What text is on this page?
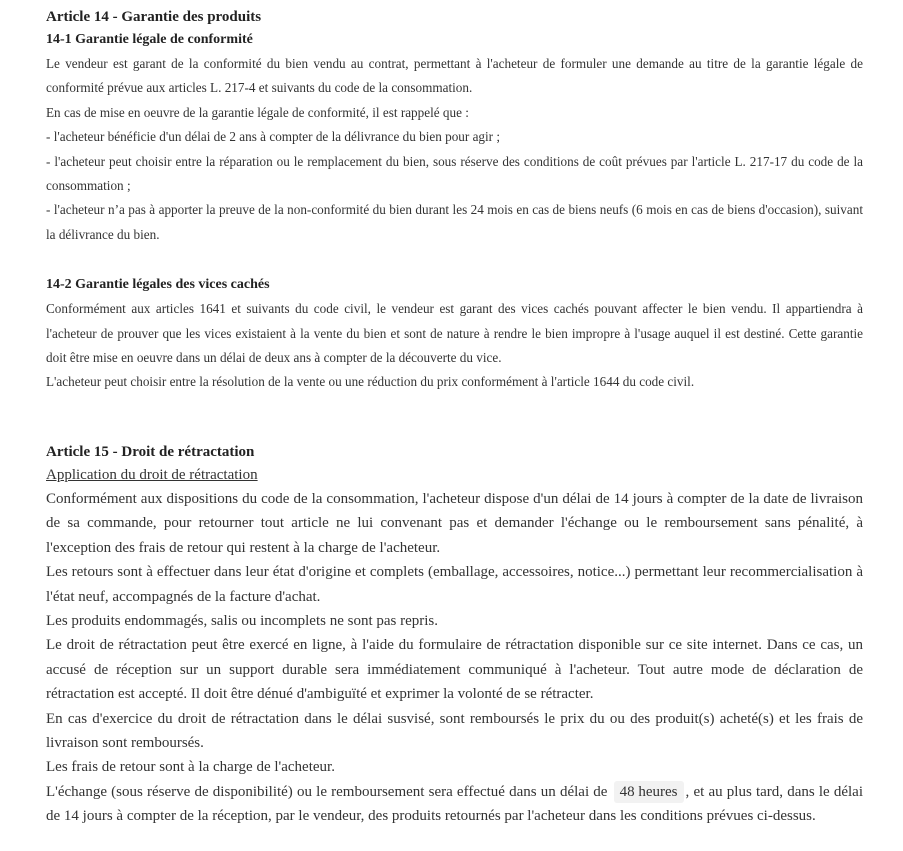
Article 14 - Garantie des produits
14-1 Garantie légale de conformité

Le vendeur est garant de la conformité du bien vendu au contrat, permettant à l'acheteur de formuler une demande au titre de la garantie légale de conformité prévue aux articles L. 217-4 et suivants du code de la consommation.

En cas de mise en oeuvre de la garantie légale de conformité, il est rappelé que :

- l'acheteur bénéficie d'un délai de 2 ans à compter de la délivrance du bien pour agir ;

- l'acheteur peut choisir entre la réparation ou le remplacement du bien, sous réserve des conditions de coût prévues par l'article L. 217-17 du code de la consommation ;

- l'acheteur n’a pas à apporter la preuve de la non-conformité du bien durant les 24 mois en cas de biens neufs (6 mois en cas de biens d'occasion), suivant la délivrance du bien.

14-2 Garantie légales des vices cachés

Conformément aux articles 1641 et suivants du code civil, le vendeur est garant des vices cachés pouvant affecter le bien vendu. Il appartiendra à l'acheteur de prouver que les vices existaient à la vente du bien et sont de nature à rendre le bien impropre à l'usage auquel il est destiné. Cette garantie doit être mise en oeuvre dans un délai de deux ans à compter de la découverte du vice.

L'acheteur peut choisir entre la résolution de la vente ou une réduction du prix conformément à l'article 1644 du code civil.

Article 15 - Droit de rétractation

Application du droit de rétractation

Conformément aux dispositions du code de la consommation, l'acheteur dispose d'un délai de 14 jours à compter de la date de livraison de sa commande, pour retourner tout article ne lui convenant pas et demander l'échange ou le remboursement sans pénalité, à l'exception des frais de retour qui restent à la charge de l'acheteur.

Les retours sont à effectuer dans leur état d'origine et complets (emballage, accessoires, notice...) permettant leur recommercialisation à l'état neuf, accompagnés de la facture d'achat.

Les produits endommagés, salis ou incomplets ne sont pas repris.

Le droit de rétractation peut être exercé en ligne, à l'aide du formulaire de rétractation disponible sur ce site internet. Dans ce cas, un accusé de réception sur un support durable sera immédiatement communiqué à l'acheteur. Tout autre mode de déclaration de rétractation est accepté. Il doit être dénué d'ambiguïté et exprimer la volonté de se rétracter.

En cas d'exercice du droit de rétractation dans le délai susvisé, sont remboursés le prix du ou des produit(s) acheté(s) et les frais de livraison sont remboursés.

Les frais de retour sont à la charge de l'acheteur.

L'échange (sous réserve de disponibilité) ou le remboursement sera effectué dans un délai de 48 heures , et au plus tard, dans le délai de 14 jours à compter de la réception, par le vendeur, des produits retournés par l'acheteur dans les conditions prévues ci-dessus.
